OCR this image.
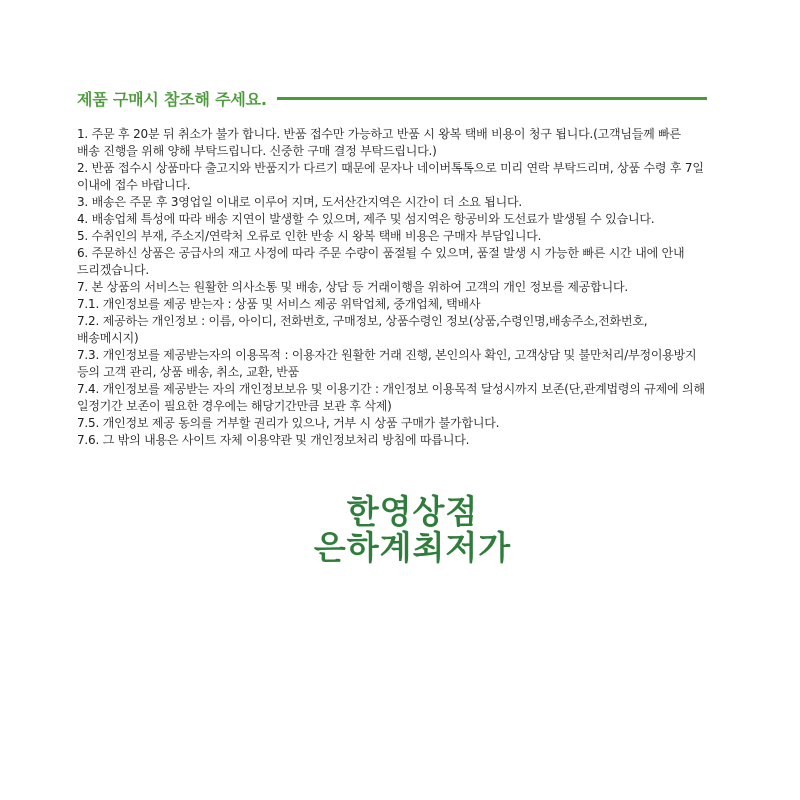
제품 구매시 참조해 주세요.
1. 주문 후 20분 뒤 취소가 불가 합니다. 반품 접수만 가능하고 반품 시 왕복 택배 비용이 청구 됩니다.(고객님들께 빠른 배송 진행을 위해 양해 부탁드립니다. 신중한 구매 결정 부탁드립니다.)
2. 반품 접수시 상품마다 출고지와 반품지가 다르기 때문에 문자나 네이버톡톡으로 미리 연락 부탁드리며, 상품 수령 후 7일 이내에 접수 바랍니다.
3. 배송은 주문 후 3영업일 이내로 이루어 지며, 도서산간지역은 시간이 더 소요 됩니다.
4. 배송업체 특성에 따라 배송 지연이 발생할 수 있으며, 제주 및 섬지역은 항공비와 도선료가 발생될 수 있습니다.
5. 수취인의 부재, 주소지/연락처 오류로 인한 반송 시 왕복 택배 비용은 구매자 부담입니다.
6. 주문하신 상품은 공급사의 재고 사정에 따라 주문 수량이 품절될 수 있으며, 품절 발생 시 가능한 빠른 시간 내에 안내 드리겠습니다.
7. 본 상품의 서비스는 원활한 의사소통 및 배송, 상담 등 거래이행을 위하여 고객의 개인 정보를 제공합니다.
7.1. 개인정보를 제공 받는자 : 상품 및 서비스 제공 위탁업체, 중개업체, 택배사
7.2. 제공하는 개인정보 : 이름, 아이디, 전화번호, 구매정보, 상품수령인 정보(상품,수령인명,배송주소,전화번호,배송메시지)
7.3. 개인정보를 제공받는자의 이용목적 : 이용자간 원활한 거래 진행, 본인의사 확인, 고객상담 및 불만처리/부정이용방지 등의 고객 관리, 상품 배송, 취소, 교환, 반품
7.4. 개인정보를 제공받는 자의 개인정보보유 및 이용기간 : 개인정보 이용목적 달성시까지 보존(단,관계법령의 규제에 의해 일정기간 보존이 필요한 경우에는 해당기간만큼 보관 후 삭제)
7.5. 개인정보 제공 동의를 거부할 권리가 있으나, 거부 시 상품 구매가 불가합니다.
7.6. 그 밖의 내용은 사이트 자체 이용약관 및 개인정보처리 방침에 따릅니다.
한영상점
은하계최저가
